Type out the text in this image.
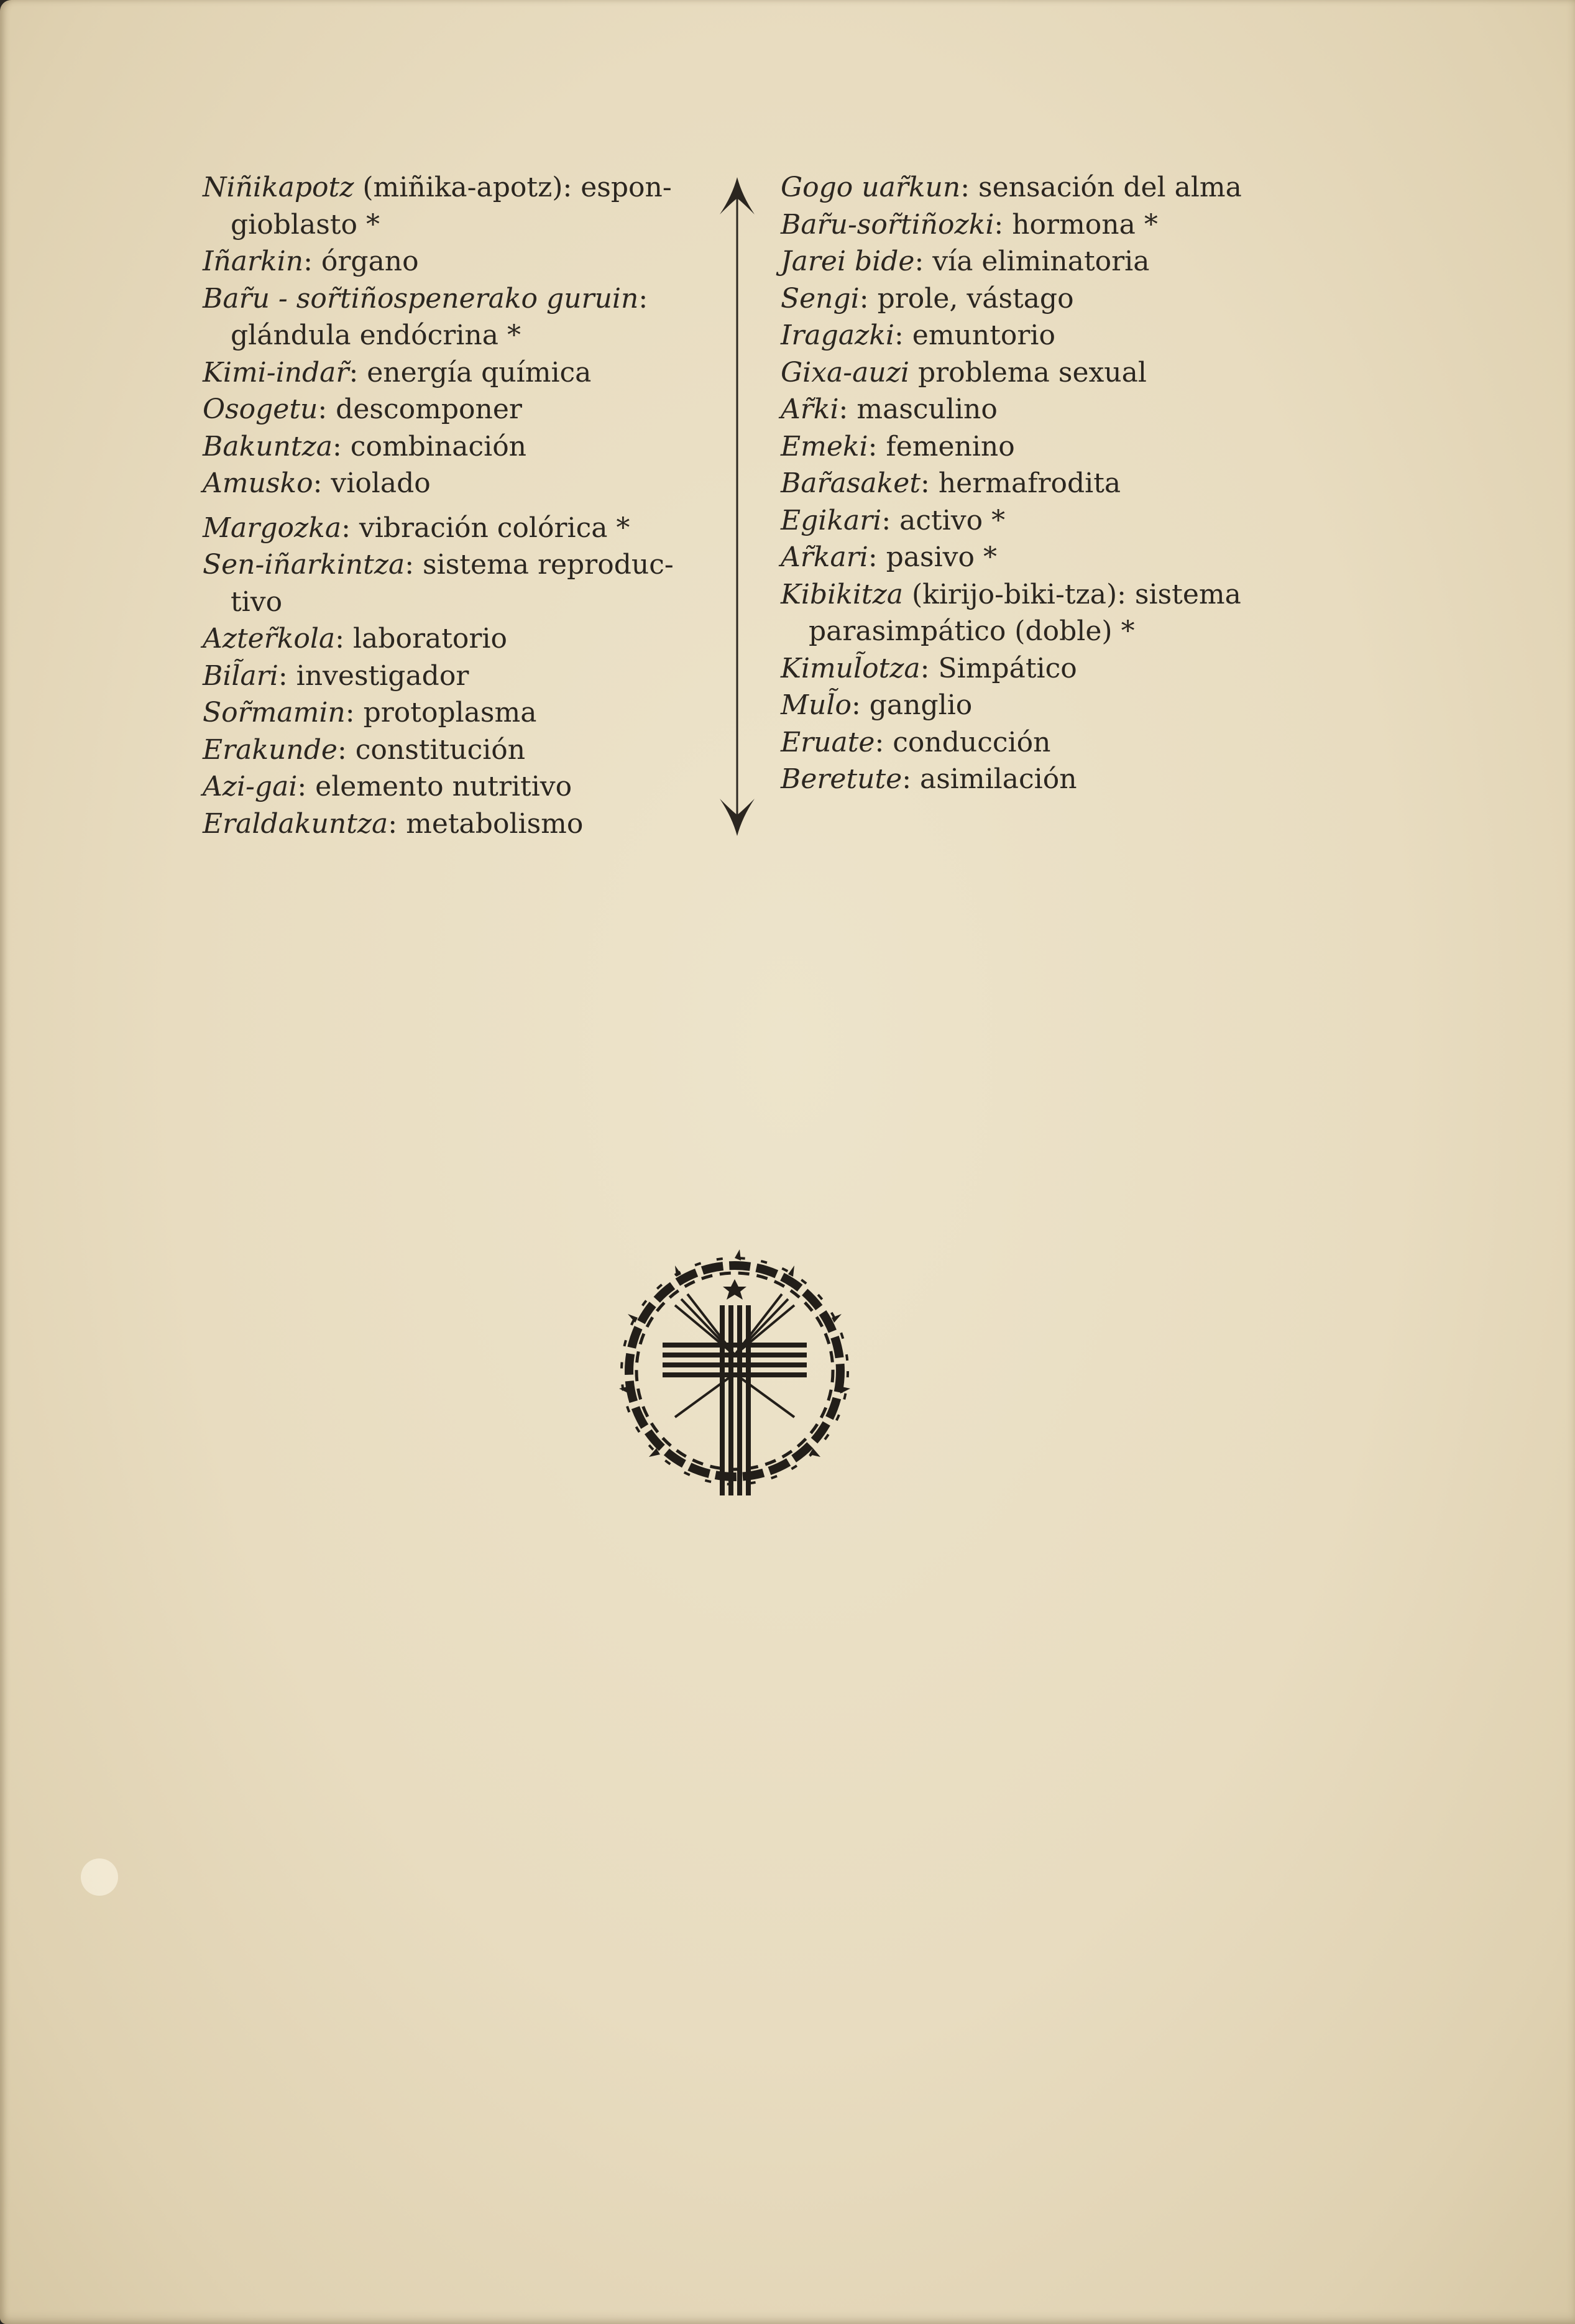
Niñikapotz (miñika-apotz): espongioblasto *
Iñarkin: órgano
Bar̃u - sor̃tiñospenerako guruin: glándula endócrina *
Kimi-indar̃: energía química
Osogetu: descomponer
Bakuntza: combinación
Amusko: violado
Margozka: vibración colórica *
Sen-iñarkintza: sistema reproductivo
Azter̃kola: laboratorio
Bil̃ari: investigador
Sor̃mamin: protoplasma
Erakunde: constitución
Azi-gai: elemento nutritivo
Eraldakuntza: metabolismo
Gogo uar̃kun: sensación del alma
Bar̃u-sor̃tiñozki: hormona *
Jarei bide: vía eliminatoria
Sengi: prole, vástago
Iragazki: emuntorio
Gixa-auzi problema sexual
Ar̃ki: masculino
Emeki: femenino
Bar̃asaket: hermafrodita
Egikari: activo *
Ar̃kari: pasivo *
Kibikitza (kirijo-biki-tza): sistema parasimpático (doble) *
Kimul̃otza: Simpático
Mul̃o: ganglio
Eruate: conducción
Beretute: asimilación
